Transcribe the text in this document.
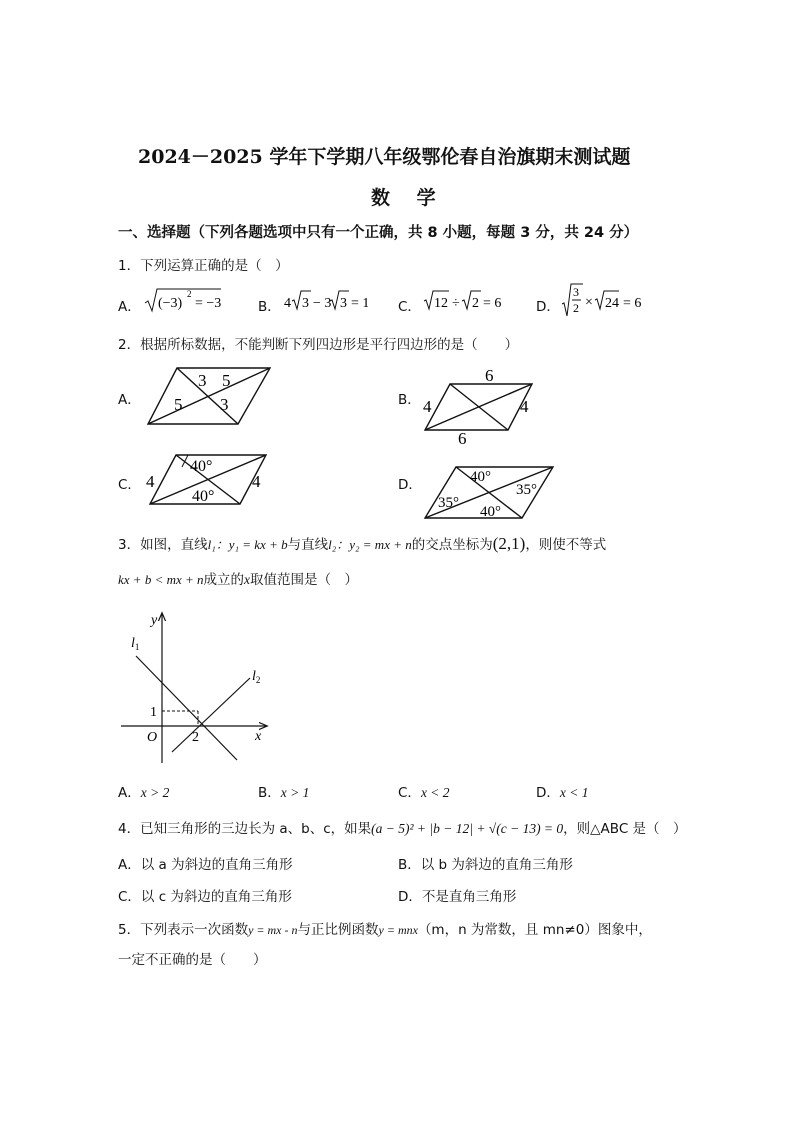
2024－2025 学年下学期八年级鄂伦春自治旗期末测试题
数 学
一、选择题（下列各题选项中只有一个正确，共 8 小题，每题 3 分，共 24 分）
1．下列运算正确的是（　）
A． (−3)
2
= −3	B． 4 3 − 3 3 = 1 C． 12 ÷ 2 = 6	D．
3
2 × 24 = 6
2．根据所标数据，不能判断下列四边形是平行四边形的是（　　）
A．
3 5
5 3	B．
6
4	4
6
C．
40°
4
40°
4	D．	40°
35°
35°
40°
3．如图，直线l₁：y₁ = kx + b与直线l₂：y₂ = mx + n的交点坐标为(2,1)，则使不等式
kx + b < mx + n成立的x取值范围是（　）
y
x
O
1
2
$l_1$
$l_2$
A．x > 2	B．x > 1	C．x < 2	D．x < 1
4．已知三角形的三边长为 a、b、c，如果(a − 5)² + |b − 12| + √(c − 13) = 0，则△ABC 是（　）
A．以 a 为斜边的直角三角形	B．以 b 为斜边的直角三角形
C．以 c 为斜边的直角三角形	D．不是直角三角形
5．下列表示一次函数y = mx - n与正比例函数y = mnx（m，n 为常数，且 mn≠0）图象中，
一定不正确的是（　　）
